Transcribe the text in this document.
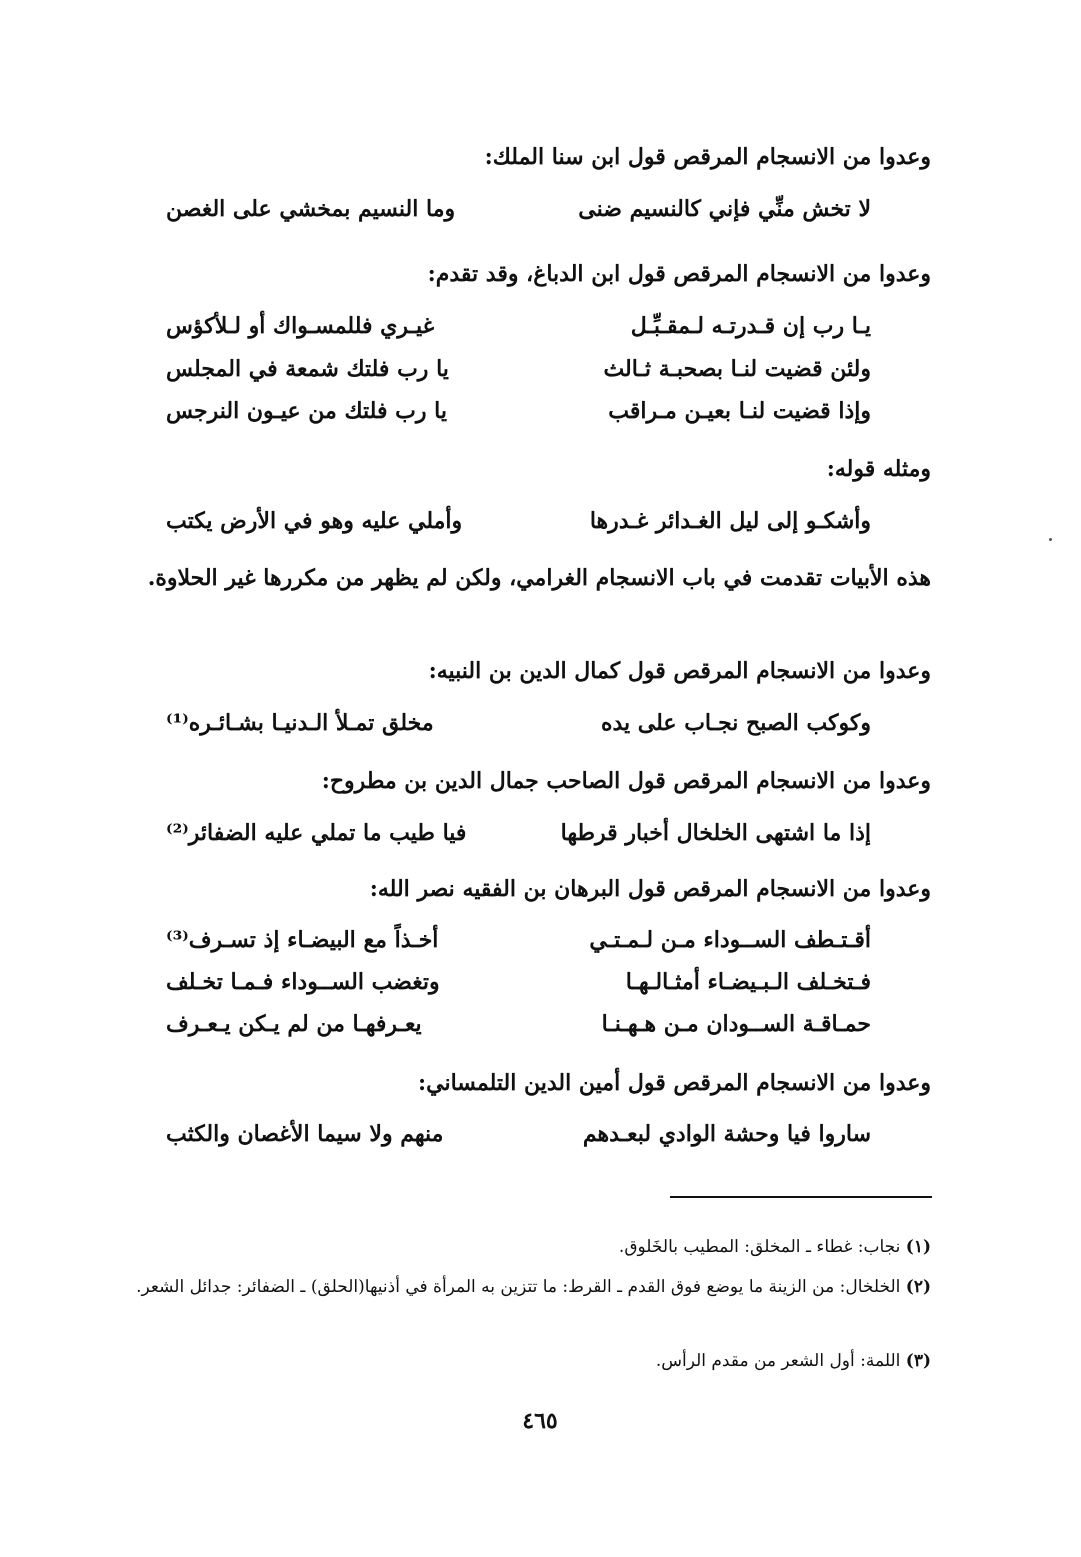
وعدوا من الانسجام المرقص قول ابن سنا الملك:
لا تخش منِّي فإني كالنسيم ضنى
وما النسيم بمخشي على الغصن
وعدوا من الانسجام المرقص قول ابن الدباغ، وقد تقدم:
يـا رب إن قـدرتـه لـمقـبِّـل
غيـري فللمسـواك أو لـلأكؤس
ولئن قضيت لنـا بصحبـة ثـالث
يا رب فلتك شمعة في المجلس
وإذا قضيت لنـا بعيـن مـراقب
يا رب فلتك من عيـون النرجس
ومثله قوله:
وأشكـو إلى ليل الغـدائر غـدرها
وأملي عليه وهو في الأرض يكتب
هذه الأبيات تقدمت في باب الانسجام الغرامي، ولكن لم يظهر من مكررها غير الحلاوة.
وعدوا من الانسجام المرقص قول كمال الدين بن النبيه:
وكوكب الصبح نجـاب على يده
مخلق تمـلأ الـدنيـا بشـائـره⁽¹⁾
وعدوا من الانسجام المرقص قول الصاحب جمال الدين بن مطروح:
إذا ما اشتهى الخلخال أخبار قرطها
فيا طيب ما تملي عليه الضفائر⁽²⁾
وعدوا من الانسجام المرقص قول البرهان بن الفقيه نصر الله:
أقـتـطف الســوداء مـن لـمـتـي
أخـذاً مع البيضـاء إذ تسـرف⁽³⁾
فـتخـلف الـبـيضـاء أمثـالـهـا
وتغضب الســوداء فـمـا تخـلف
حمـاقـة الســودان مـن هـهـنـا
يعـرفهـا من لم يـكن يـعـرف
وعدوا من الانسجام المرقص قول أمين الدين التلمساني:
ساروا فيا وحشة الوادي لبعـدهم
منهم ولا سيما الأغصان والكثب
(١) نجاب: غطاء ـ المخلق: المطيب بالخَلوق.
(٢) الخلخال: من الزينة ما يوضع فوق القدم ـ القرط: ما تتزين به المرأة في أذنيها(الحلق) ـ الضفائر: جدائل الشعر.
(٣) اللمة: أول الشعر من مقدم الرأس.
٤٦٥
